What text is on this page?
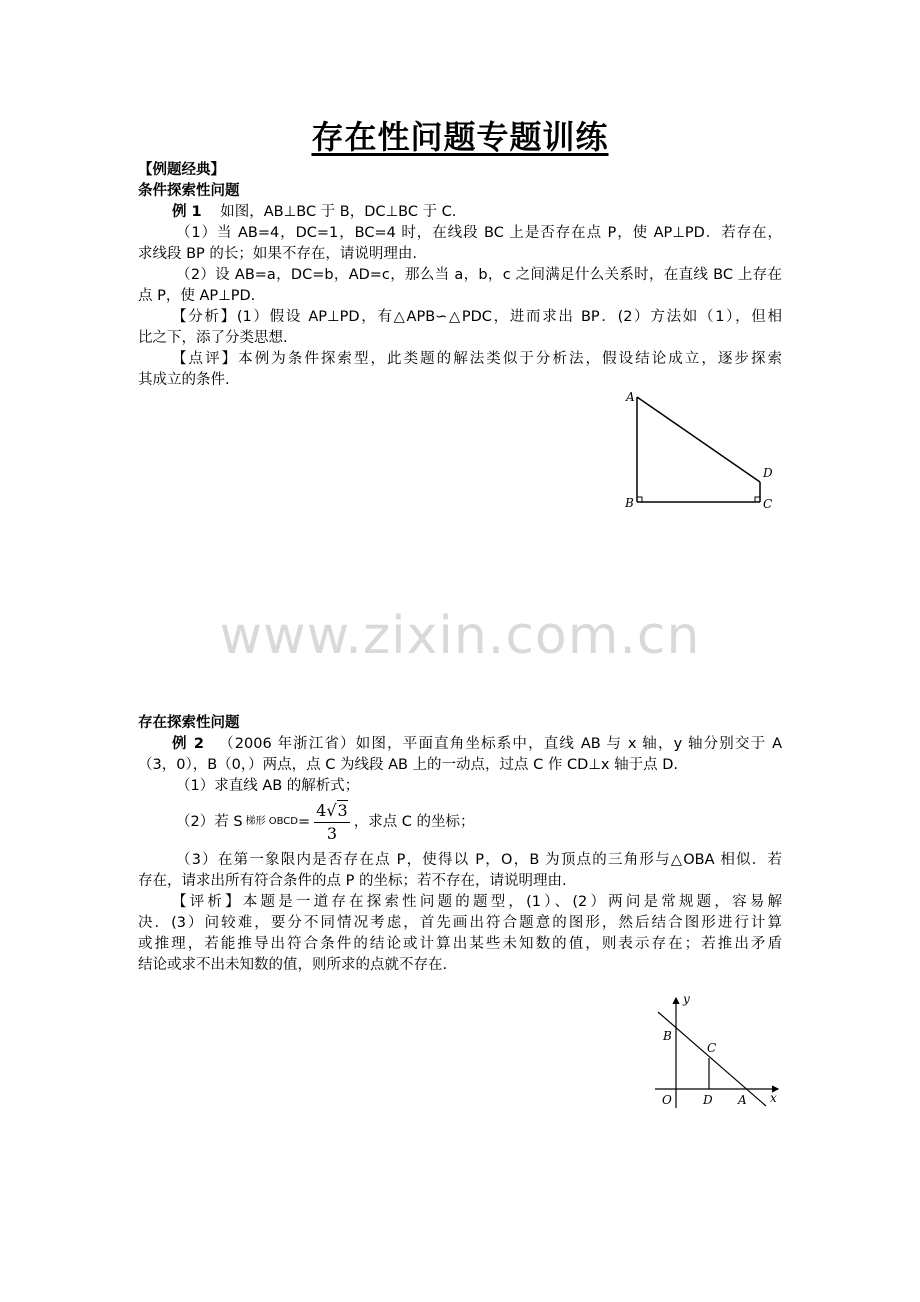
存在性问题专题训练
【例题经典】
条件探索性问题
例 1 如图，AB⊥BC 于 B，DC⊥BC 于 C.
（1）当 AB=4，DC=1，BC=4 时，在线段 BC 上是否存在点 P，使 AP⊥PD．若存在，
求线段 BP 的长；如果不存在，请说明理由.
（2）设 AB=a，DC=b，AD=c，那么当 a，b，c 之间满足什么关系时，在直线 BC 上存在
点 P，使 AP⊥PD.
【分析】(1）假设 AP⊥PD，有△APB∽△PDC，进而求出 BP．(2）方法如（1），但相
比之下，添了分类思想.
【点评】本例为条件探索型，此类题的解法类似于分析法，假设结论成立，逐步探索
其成立的条件.
A
B	C
D
www.zixin.com.cn
存在探索性问题
例 2 （2006 年浙江省）如图，平面直角坐标系中，直线 AB 与 x 轴，y 轴分别交于 A
（3，0），B（0，）两点，点 C 为线段 AB 上的一动点，过点 C 作 CD⊥x 轴于点 D.
（1）求直线 AB 的解析式；
（2）若 S 梯形 OBCD = $\frac{4√3}{3}$ ，求点 C 的坐标；
（3）在第一象限内是否存在点 P，使得以 P，O，B 为顶点的三角形与△OBA 相似．若
存在，请求出所有符合条件的点 P 的坐标；若不存在，请说明理由.
【评析】本题是一道存在探索性问题的题型，(1）、(2）两问是常规题，容易解
决．(3）问较难，要分不同情况考虑，首先画出符合题意的图形，然后结合图形进行计算
或推理，若能推导出符合条件的结论或计算出某些未知数的值，则表示存在；若推出矛盾
结论或求不出未知数的值，则所求的点就不存在.
y
x
O
B
C
D A
